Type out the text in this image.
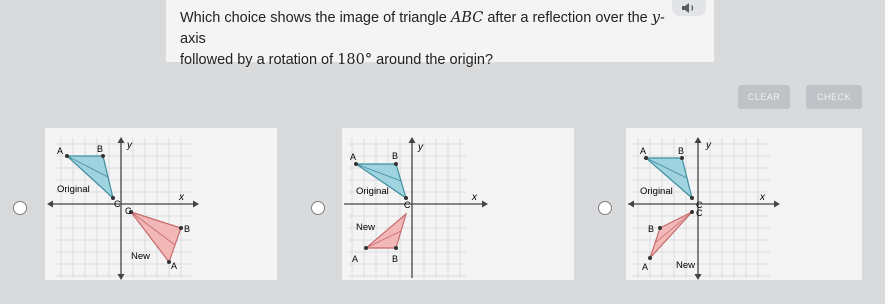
Which choice shows the image of triangle ABC after a reflection over the y-axis
followed by a rotation of 180° around the origin?
CLEAR	CHECK
y
x
A	B
C
Original
C
B
A
New
y
x
A	B
C
Original
A	B
New
y
x
A	B
C
Original
C
B
A	New
